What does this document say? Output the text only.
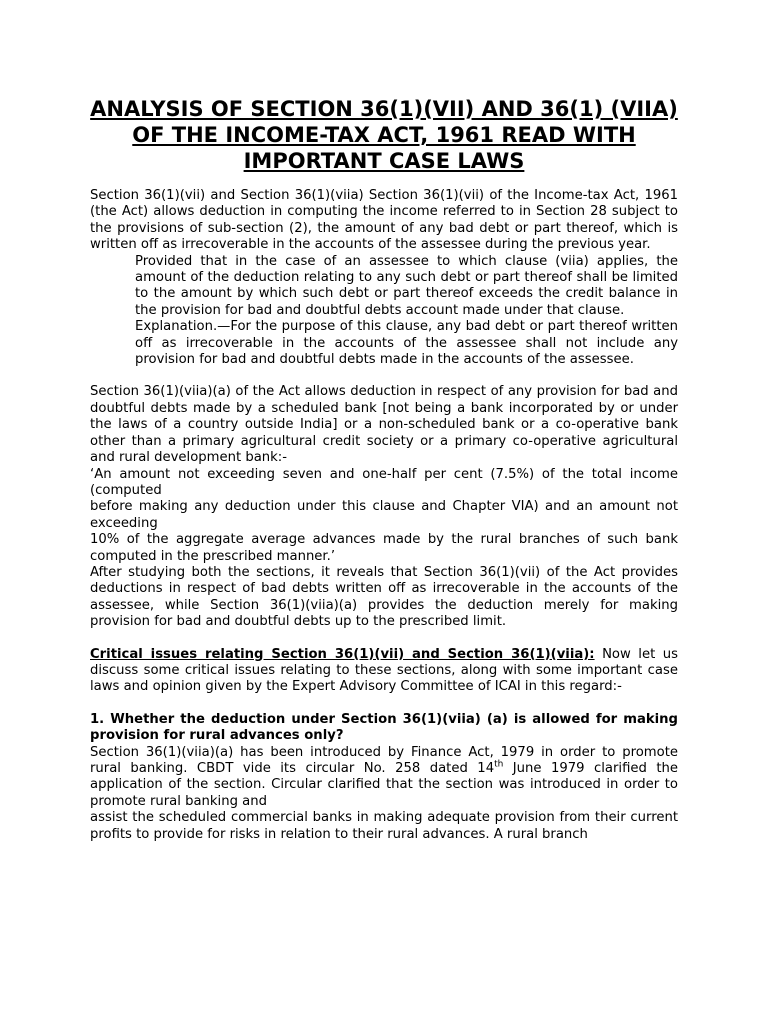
ANALYSIS OF SECTION 36(1)(VII) AND 36(1) (VIIA) OF THE INCOME-TAX ACT, 1961 READ WITH IMPORTANT CASE LAWS

Section 36(1)(vii) and Section 36(1)(viia) Section 36(1)(vii) of the Income-tax Act, 1961 (the Act) allows deduction in computing the income referred to in Section 28 subject to the provisions of sub-section (2), the amount of any bad debt or part thereof, which is written off as irrecoverable in the accounts of the assessee during the previous year.

Provided that in the case of an assessee to which clause (viia) applies, the amount of the deduction relating to any such debt or part thereof shall be limited to the amount by which such debt or part thereof exceeds the credit balance in the provision for bad and doubtful debts account made under that clause.

Explanation.—For the purpose of this clause, any bad debt or part thereof written off as irrecoverable in the accounts of the assessee shall not include any provision for bad and doubtful debts made in the accounts of the assessee.

Section 36(1)(viia)(a) of the Act allows deduction in respect of any provision for bad and doubtful debts made by a scheduled bank [not being a bank incorporated by or under the laws of a country outside India] or a non-scheduled bank or a co-operative bank other than a primary agricultural credit society or a primary co-operative agricultural and rural development bank:-

‘An amount not exceeding seven and one-half per cent (7.5%) of the total income (computed

before making any deduction under this clause and Chapter VIA) and an amount not exceeding

10% of the aggregate average advances made by the rural branches of such bank computed in the prescribed manner.’

After studying both the sections, it reveals that Section 36(1)(vii) of the Act provides deductions in respect of bad debts written off as irrecoverable in the accounts of the assessee, while Section 36(1)(viia)(a) provides the deduction merely for making provision for bad and doubtful debts up to the prescribed limit.

Critical issues relating Section 36(1)(vii) and Section 36(1)(viia): Now let us discuss some critical issues relating to these sections, along with some important case laws and opinion given by the Expert Advisory Committee of ICAI in this regard:-

1. Whether the deduction under Section 36(1)(viia) (a) is allowed for making provision for rural advances only?

Section 36(1)(viia)(a) has been introduced by Finance Act, 1979 in order to promote rural banking. CBDT vide its circular No. 258 dated 14th June 1979 clarified the application of the section. Circular clarified that the section was introduced in order to promote rural banking and

assist the scheduled commercial banks in making adequate provision from their current profits to provide for risks in relation to their rural advances. A rural branch
